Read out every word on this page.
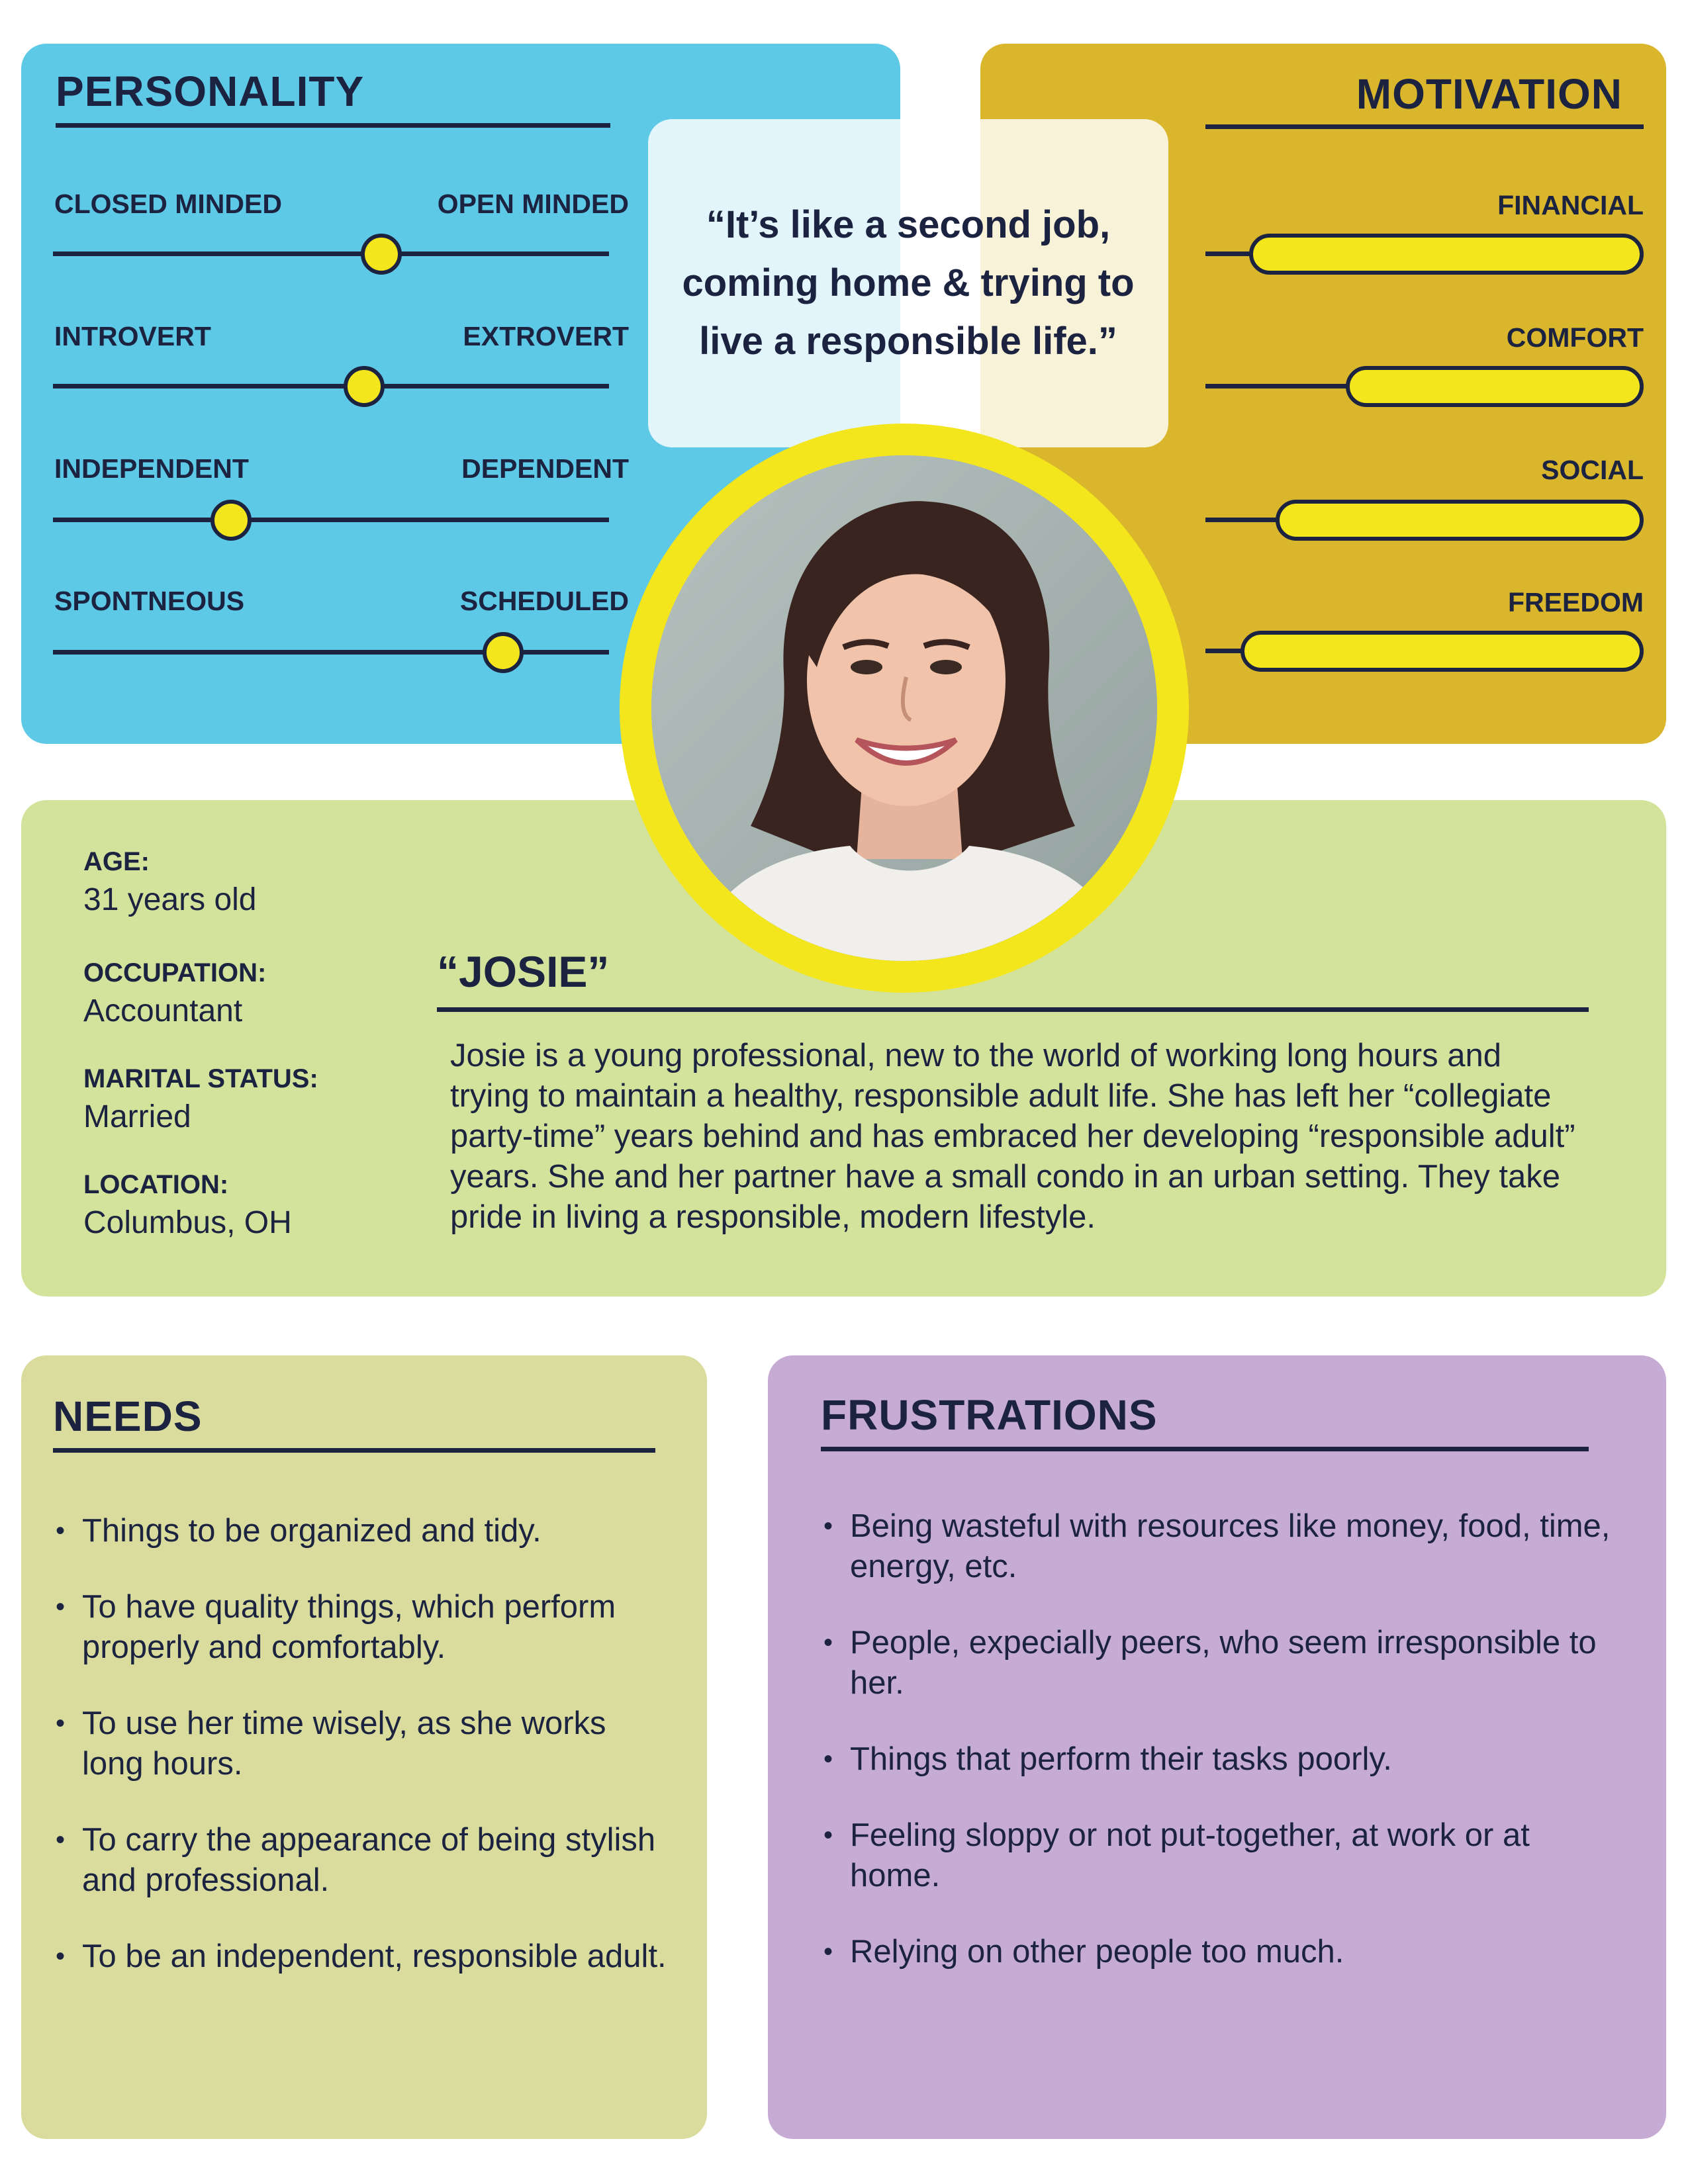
PERSONALITY
CLOSED MINDED	OPEN MINDED
INTROVERT	EXTROVERT
INDEPENDENT	DEPENDENT
SPONTNEOUS	SCHEDULED
MOTIVATION
FINANCIAL
COMFORT
SOCIAL
FREEDOM
AGE:
31 years old
OCCUPATION:
Accountant
MARITAL STATUS:
Married
LOCATION:
Columbus, OH
“JOSIE”

Josie is a young professional, new to the world of working long hours and trying to maintain a healthy, responsible adult life. She has left her “collegiate party-time” years behind and has embraced her developing “responsible adult” years. She and her partner have a small condo in an urban setting. They take pride in living a responsible, modern lifestyle.

“It’s like a second job, coming home & trying to live a responsible life.”
NEEDS
• Things to be organized and tidy.
• To have quality things, which perform properly and comfortably.
• To use her time wisely, as she works long hours.
• To carry the appearance of being stylish and professional.
• To be an independent, responsible adult.
FRUSTRATIONS
• Being wasteful with resources like money, food, time, energy, etc.
• People, expecially peers, who seem irresponsible to her.
• Things that perform their tasks poorly.
• Feeling sloppy or not put-together, at work or at home.
• Relying on other people too much.
